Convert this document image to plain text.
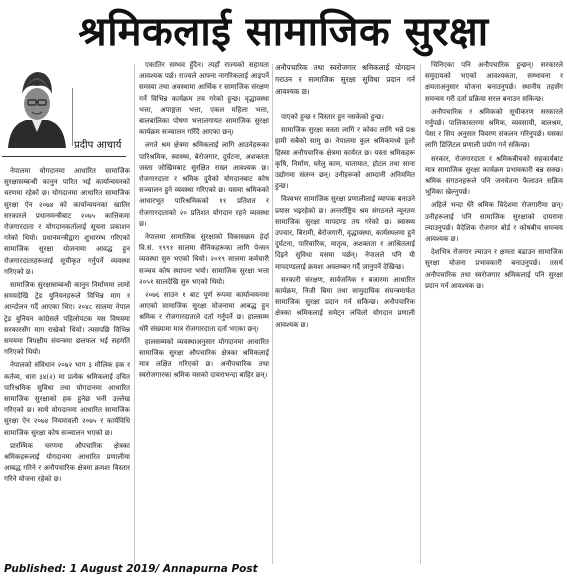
श्रमिकलाई सामाजिक सुरक्षा
प्रदीप आचार्य

अनौपचारिक तथा स्वरोजगार श्रमिकलाई योगदान गराउन र सामाजिक सुरक्षा सुविधा प्रदान गर्न आवश्यक छ।

नेपालमा योगदानमा आधारित सामाजिक सुरक्षासम्बन्धी कानुन पारित भई कार्यान्वयनको चरणमा रहेको छ। योगदानमा आधारित सामाजिक सुरक्षा ऐन २०७४ को कार्यान्वयनका खातिर सरकारले प्रधानमन्त्रीबाट २०७५ कात्तिकमा रोजगारदाता र योगदानकर्तालाई सूचना प्रकाशन गरेको थियो। प्रधानमन्त्रीद्वारा शुभारम्भ गरिएको सामाजिक सुरक्षा योजनामा आवद्ध हुन रोजगारदाताहरूलाई सूचीकृत गर्नुपर्ने व्यवस्था गरिएको छ।

सामाजिक सुरक्षासम्बन्धी कानुन निर्माणमा लामो समयदेखि ट्रेड युनियनहरूले विभिन्न माग र आन्दोलन गर्दै आएका थिए। २०४८ सालमा नेपाल ट्रेड युनियन कांग्रेसले पहिलोपटक यस विषयमा सरकारसँग माग राखेको थियो। त्यसपछि विभिन्न समयमा त्रिपक्षीय संयन्त्रमा छलफल भई सहमति गरिएको थियो।

नेपालको संविधान २०७२ भाग ३ मौलिक हक र कर्तव्य, धारा ३४(२) मा प्रत्येक श्रमिकलाई उचित पारिश्रमिक सुविधा तथा योगदानमा आधारित सामाजिक सुरक्षाको हक हुनेछ भनी उल्लेख गरिएको छ। साथै योगदानमा आधारित सामाजिक सुरक्षा ऐन २०७४ नियमावली २०७५ र कार्यविधि सामाजिक सुरक्षा कोष सञ्चालन भएको छ।

प्रारम्भिक चरणमा औपचारिक क्षेत्रका श्रमिकहरूलाई योगदानमा आधारित प्रणालीमा आबद्ध गरिने र अनौपचारिक क्षेत्रमा क्रमशः विस्तार गरिने योजना रहेको छ।

एकातिर सम्भव हुँदैन। त्यहाँ राज्यको सहायता आवश्यक पर्छ। राज्यले आफ्ना नागरिकलाई आइपर्ने समस्या तथा अवस्थामा आर्थिक र सामाजिक संरक्षण गर्ने विभिन्न कार्यक्रम तय गरेको हुन्छ। वृद्धावस्था भत्ता, अपाङ्गता भत्ता, एकल महिला भत्ता, बालबालिका पोषण भत्तालगायत सामाजिक सुरक्षा कार्यक्रम सञ्चालन गरिँदै आएका छन्।

लगते श्रम क्षेत्रमा श्रमिकलाई लागि आउनेहरूका पारिश्रमिक, स्वास्थ्य, बेरोजगार, दुर्घटना, अशक्तता जस्ता जोखिमबाट सुरक्षित राख्न आवश्यक छ। रोजगारदाता र श्रमिक दुवैको योगदानबाट कोष सञ्चालन हुने व्यवस्था गरिएको छ। यसमा श्रमिकको आधारभूत पारिश्रमिकको ११ प्रतिशत र रोजगारदाताको २० प्रतिशत योगदान रहने व्यवस्था छ।

नेपालमा सामाजिक सुरक्षाको विकासक्रम हेर्दा वि.सं. १९९१ सालमा सैनिकहरूका लागि पेन्सन व्यवस्था सुरु भएको थियो। २०१९ सालमा कर्मचारी सञ्चय कोष स्थापना भयो। सामाजिक सुरक्षा भत्ता २०५१ सालदेखि सुरु भएको थियो।

२०७६ साउन १ बाट पूर्ण रूपमा कार्यान्वयनमा आएको सामाजिक सुरक्षा योजनामा आबद्ध हुन श्रमिक र रोजगारदाताले दर्ता गर्नुपर्ने छ। हालसम्म थोरै संख्यामा मात्र रोजगारदाता दर्ता भएका छन्।

हालसम्मको व्यवस्थाअनुसार योगदानमा आधारित सामाजिक सुरक्षा औपचारिक क्षेत्रका श्रमिकलाई मात्र लक्षित गरिएको छ। अनौपचारिक तथा स्वरोजगारका श्रमिक यसको दायराभन्दा बाहिर छन्।

पाएको हुन्छ र विस्तार हुन नसकेको हुन्छ।

सामाजिक सुरक्षा कस्ता लागि र कोका लागि भन्ने प्रश्न हामी सबैको सामु छ। नेपालमा कुल श्रमिकमध्ये ठूलो हिस्सा अनौपचारिक क्षेत्रमा कार्यरत छ। यस्ता श्रमिकहरू कृषि, निर्माण, घरेलु काम, यातायात, होटल तथा साना उद्योगमा संलग्न छन्। उनीहरूको आम्दानी अनियमित हुन्छ।

विश्वभर सामाजिक सुरक्षा प्रणालीलाई व्यापक बनाउने प्रयास भइरहेको छ। अन्तर्राष्ट्रिय श्रम संगठनले न्यूनतम सामाजिक सुरक्षा मापदण्ड तय गरेको छ। स्वास्थ्य उपचार, बिरामी, बेरोजगारी, वृद्धावस्था, कार्यस्थलमा हुने दुर्घटना, पारिवारिक, मातृत्व, अशक्तता र आश्रितलाई दिइने सुविधा यसमा पर्छन्। नेपालले पनि यी मापदण्डलाई क्रमशः अवलम्बन गर्दै जानुपर्ने देखिन्छ।

सरकारी संरक्षण, सार्वजनिक र बजारमा आधारित कार्यक्रम, निजी बिमा तथा सामुदायिक संयन्त्रमार्फत सामाजिक सुरक्षा प्रदान गर्न सकिन्छ। अनौपचारिक क्षेत्रका श्रमिकलाई समेट्न लचिलो योगदान प्रणाली आवश्यक छ।

चिनिएका पनि अनौपचारिक हुन्छन्। सरकारले समुदायको भएको आवश्यकता, सम्भावना र क्षमताअनुसार योजना बनाउनुपर्छ। स्थानीय तहसँग समन्वय गरी दर्ता प्रक्रिया सरल बनाउन सकिन्छ।

अनौपचारिक र श्रमिकको सूचीकरण सरकारले गर्नुपर्छ। पालिकास्तरमा श्रमिक, व्यवसायी, बालश्रम, पेसा र सिप अनुसार विवरण संकलन गरिनुपर्छ। यसका लागि डिजिटल प्रणाली प्रयोग गर्न सकिन्छ।

सरकार, रोजगारदाता र श्रमिकबीचको सहकार्यबाट मात्र सामाजिक सुरक्षा कार्यक्रम प्रभावकारी बन्न सक्छ। श्रमिक संगठनहरूले पनि जनचेतना फैलाउन सक्रिय भूमिका खेल्नुपर्छ।

अहिले भन्दा धेरै श्रमिक विदेशमा रोजगारीमा छन्। उनीहरूलाई पनि सामाजिक सुरक्षाको दायरामा ल्याउनुपर्छ। वैदेशिक रोजगार बोर्ड र कोषबीच समन्वय आवश्यक छ।

देशभित्र रोजगार ल्याउन र क्षमता बढाउन सामाजिक सुरक्षा योजना प्रभावकारी बनाउनुपर्छ। तसर्थ अनौपचारिक तथा स्वरोजगार श्रमिकलाई पनि सुरक्षा प्रदान गर्न आवश्यक छ।

Published: 1 August 2019/ Annapurna Post
